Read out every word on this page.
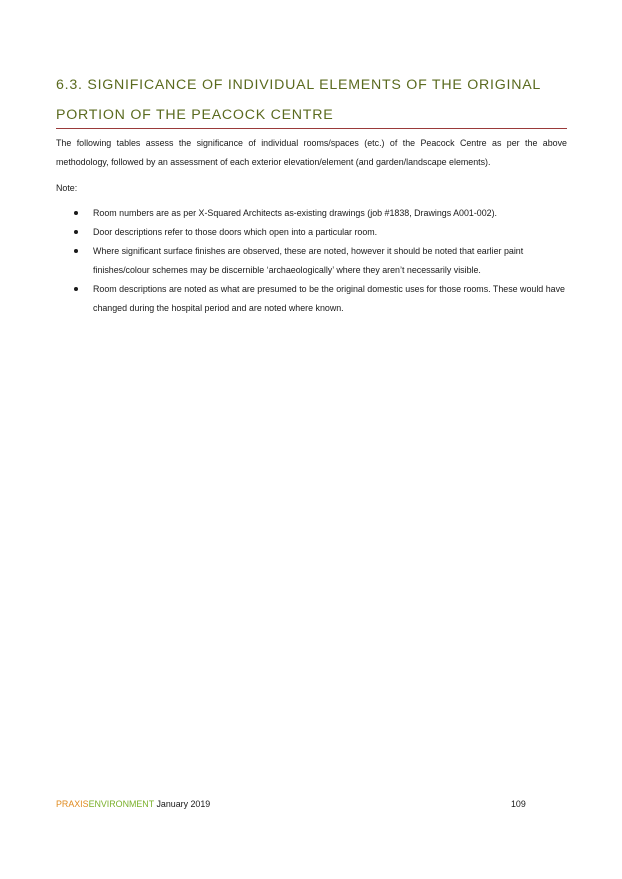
6.3. SIGNIFICANCE OF INDIVIDUAL ELEMENTS OF THE ORIGINAL PORTION OF THE PEACOCK CENTRE

The following tables assess the significance of individual rooms/spaces (etc.) of the Peacock Centre as per the above methodology, followed by an assessment of each exterior elevation/element (and garden/landscape elements).

Note:

Room numbers are as per X-Squared Architects as-existing drawings (job #1838, Drawings A001-002).
Door descriptions refer to those doors which open into a particular room.
Where significant surface finishes are observed, these are noted, however it should be noted that earlier paint finishes/colour schemes may be discernible ‘archaeologically’ where they aren’t necessarily visible.
Room descriptions are noted as what are presumed to be the original domestic uses for those rooms. These would have changed during the hospital period and are noted where known.
PRAXISENVIRONMENT January 2019	109
